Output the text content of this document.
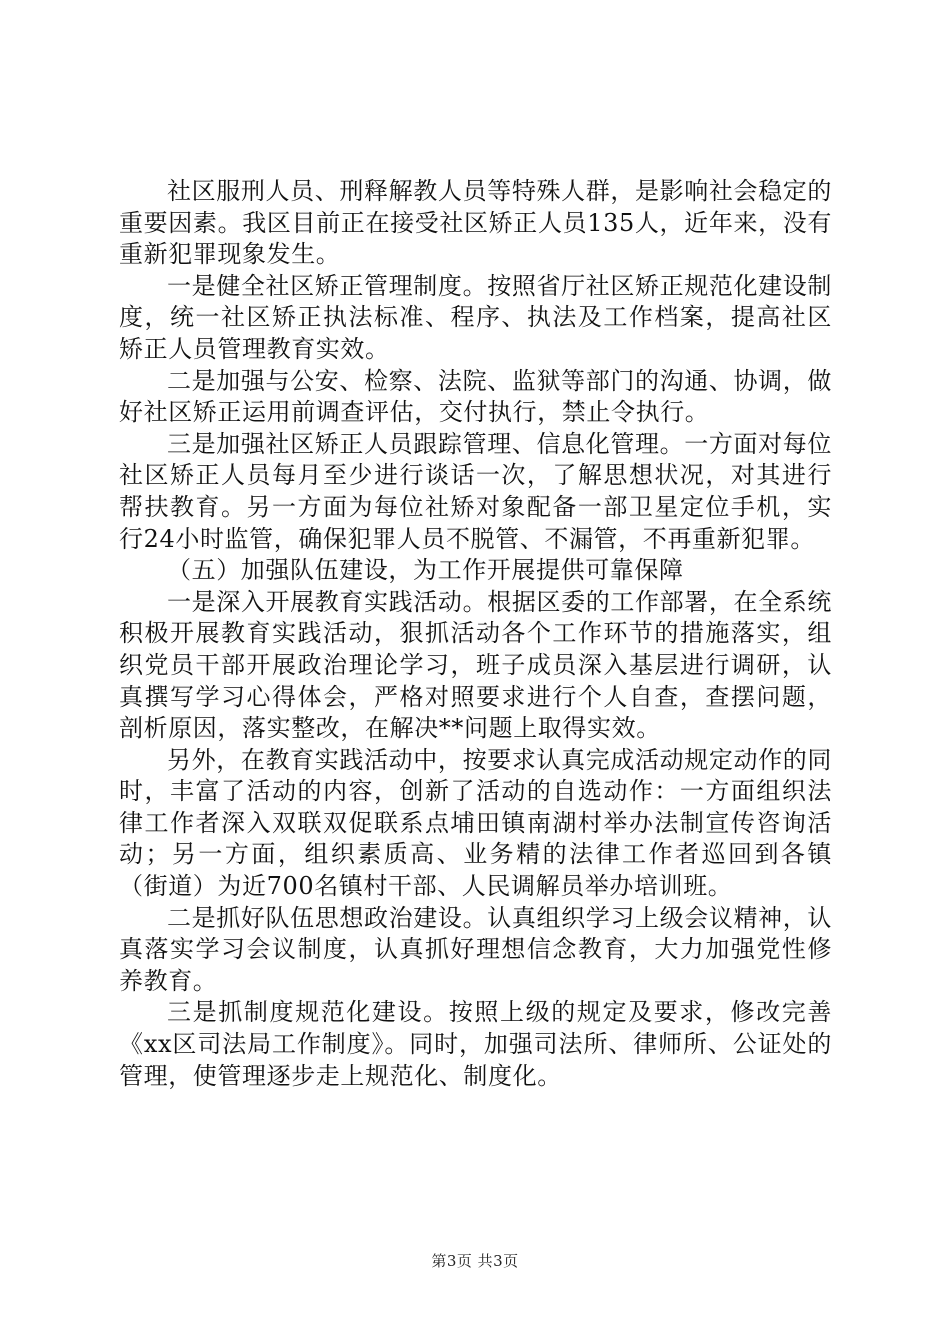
社区服刑人员、刑释解教人员等特殊人群，是影响社会稳定的重要因素。我区目前正在接受社区矫正人员135人，近年来，没有重新犯罪现象发生。

一是健全社区矫正管理制度。按照省厅社区矫正规范化建设制度，统一社区矫正执法标准、程序、执法及工作档案，提高社区矫正人员管理教育实效。

二是加强与公安、检察、法院、监狱等部门的沟通、协调，做好社区矫正运用前调查评估，交付执行，禁止令执行。

三是加强社区矫正人员跟踪管理、信息化管理。一方面对每位社区矫正人员每月至少进行谈话一次，了解思想状况，对其进行帮扶教育。另一方面为每位社矫对象配备一部卫星定位手机，实行24小时监管，确保犯罪人员不脱管、不漏管，不再重新犯罪。

（五）加强队伍建设，为工作开展提供可靠保障

一是深入开展教育实践活动。根据区委的工作部署，在全系统积极开展教育实践活动，狠抓活动各个工作环节的措施落实，组织党员干部开展政治理论学习，班子成员深入基层进行调研，认真撰写学习心得体会，严格对照要求进行个人自查，查摆问题，剖析原因，落实整改，在解决**问题上取得实效。

另外，在教育实践活动中，按要求认真完成活动规定动作的同时，丰富了活动的内容，创新了活动的自选动作：一方面组织法律工作者深入双联双促联系点埔田镇南湖村举办法制宣传咨询活动；另一方面，组织素质高、业务精的法律工作者巡回到各镇（街道）为近700名镇村干部、人民调解员举办培训班。

二是抓好队伍思想政治建设。认真组织学习上级会议精神，认真落实学习会议制度，认真抓好理想信念教育，大力加强党性修养教育。

三是抓制度规范化建设。按照上级的规定及要求，修改完善《xx区司法局工作制度》。同时，加强司法所、律师所、公证处的管理，使管理逐步走上规范化、制度化。

第3页 共3页
